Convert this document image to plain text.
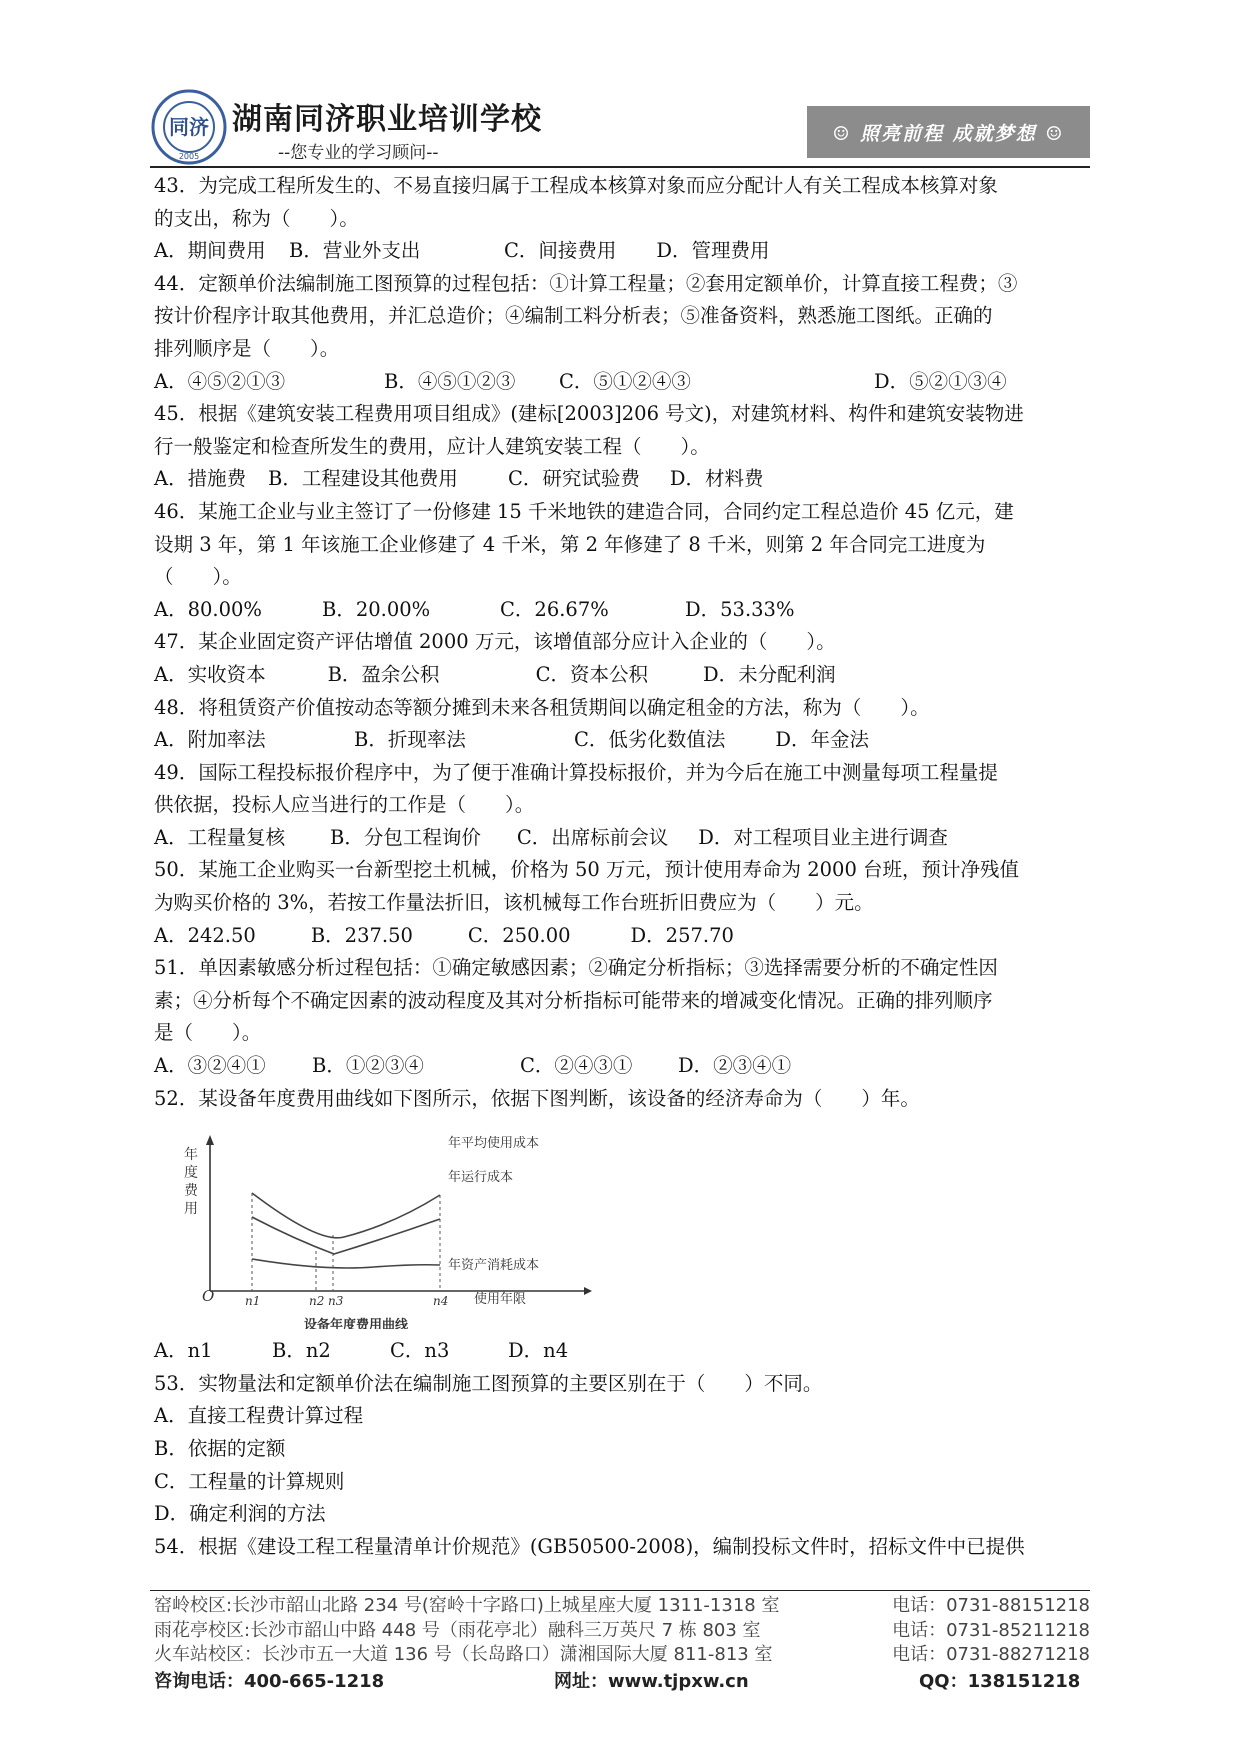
同济
2005
湖南同济职业培训学校
--您专业的学习顾问--
☺ 照亮前程 成就梦想 ☺
43．为完成工程所发生的、不易直接归属于工程成本核算对象而应分配计人有关工程成本核算对象
的支出，称为（　　）。
A．期间费用 B．营业外支出	C．间接费用 D．管理费用
44．定额单价法编制施工图预算的过程包括：①计算工程量；②套用定额单价，计算直接工程费；③
按计价程序计取其他费用，并汇总造价；④编制工料分析表；⑤准备资料，熟悉施工图纸。正确的
排列顺序是（　　）。
A．④⑤②①③	B．④⑤①②③	C．⑤①②④③	D．⑤②①③④
45．根据《建筑安装工程费用项目组成》(建标[2003]206 号文)，对建筑材料、构件和建筑安装物进
行一般鉴定和检查所发生的费用，应计人建筑安装工程（　　）。
A．措施费	B．工程建设其他费用	C．研究试验费 D．材料费
46．某施工企业与业主签订了一份修建 15 千米地铁的建造合同，合同约定工程总造价 45 亿元，建
设期 3 年，第 1 年该施工企业修建了 4 千米，第 2 年修建了 8 千米，则第 2 年合同完工进度为
（　　）。
A．80.00%	B．20.00%	C．26.67%	D．53.33%
47．某企业固定资产评估增值 2000 万元，该增值部分应计入企业的（　　）。
A．实收资本	B．盈余公积	C．资本公积	D．未分配利润
48．将租赁资产价值按动态等额分摊到未来各租赁期间以确定租金的方法，称为（　　）。
A．附加率法	B．折现率法	C．低劣化数值法	D．年金法
49．国际工程投标报价程序中，为了便于准确计算投标报价，并为今后在施工中测量每项工程量提
供依据，投标人应当进行的工作是（　　）。
A．工程量复核	B．分包工程询价 C．出席标前会议 D．对工程项目业主进行调查
50．某施工企业购买一台新型挖土机械，价格为 50 万元，预计使用寿命为 2000 台班，预计净残值
为购买价格的 3%，若按工作量法折旧，该机械每工作台班折旧费应为（　　）元。
A．242.50	B．237.50	C．250.00	D．257.70
51．单因素敏感分析过程包括：①确定敏感因素；②确定分析指标；③选择需要分析的不确定性因
素；④分析每个不确定因素的波动程度及其对分析指标可能带来的增减变化情况。正确的排列顺序
是（　　）。
A．③②④①	B．①②③④	C．②④③①	D．②③④①
52．某设备年度费用曲线如下图所示，依据下图判断，该设备的经济寿命为（　　）年。
年度费用
O	n1	n2 n3	n4 使用年限
年平均使用成本
年运行成本
年资产消耗成本
设备年度费用曲线
A．n1	B．n2	C．n3	D．n4
53．实物量法和定额单价法在编制施工图预算的主要区别在于（　　）不同。
A．直接工程费计算过程
B．依据的定额
C．工程量的计算规则
D．确定利润的方法
54．根据《建设工程工程量清单计价规范》(GB50500-2008)，编制投标文件时，招标文件中已提供
窑岭校区:长沙市韶山北路 234 号(窑岭十字路口)上城星座大厦 1311-1318 室	电话：0731-88151218
雨花亭校区:长沙市韶山中路 448 号（雨花亭北）融科三万英尺 7 栋 803 室	电话：0731-85211218
火车站校区：长沙市五一大道 136 号（长岛路口）潇湘国际大厦 811-813 室	电话：0731-88271218
咨询电话：400-665-1218	网址：www.tjpxw.cn	QQ：138151218
